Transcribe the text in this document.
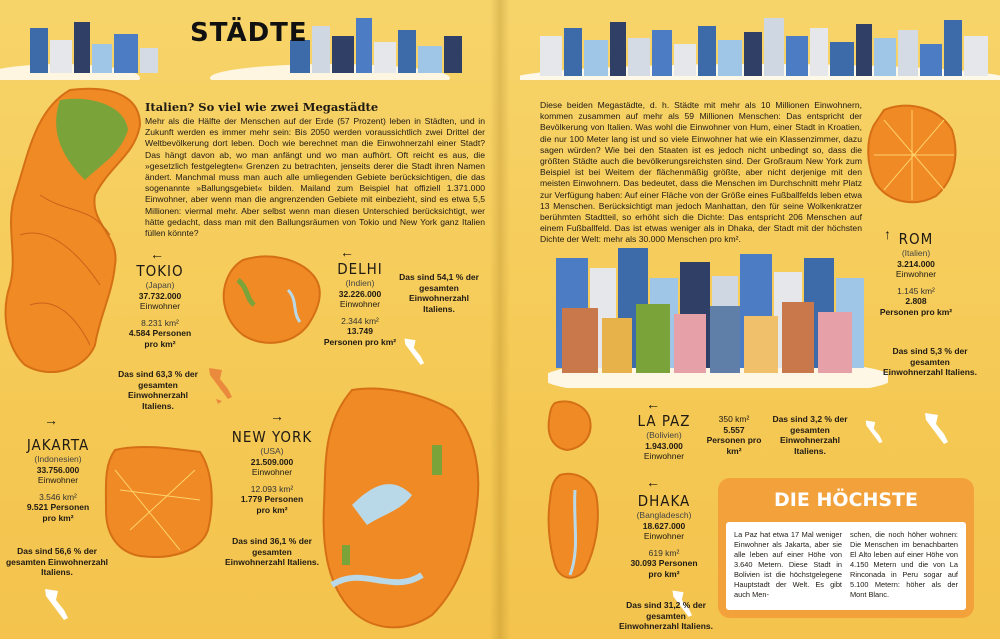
STÄDTE
Italien? So viel wie zwei Megastädte
Mehr als die Hälfte der Menschen auf der Erde (57 Prozent) leben in Städten, und in Zukunft werden es immer mehr sein: Bis 2050 werden voraussichtlich zwei Drittel der Weltbevölkerung dort leben. Doch wie berechnet man die Einwohnerzahl einer Stadt? Das hängt davon ab, wo man anfängt und wo man aufhört. Oft reicht es aus, die »gesetzlich festgelegten« Grenzen zu betrachten, jenseits derer die Stadt ihren Namen ändert. Manchmal muss man auch alle umliegenden Gebiete berücksichtigen, die das sogenannte »Ballungsgebiet« bilden. Mailand zum Beispiel hat offiziell 1.371.000 Einwohner, aber wenn man die angrenzenden Gebiete mit einbezieht, sind es etwa 5,5 Millionen: viermal mehr. Aber selbst wenn man diesen Unterschied berücksichtigt, wer hätte gedacht, dass man mit den Ballungsräumen von Tokio und New York ganz Italien füllen könnte?
Diese beiden Megastädte, d. h. Städte mit mehr als 10 Millionen Einwohnern, kommen zusammen auf mehr als 59 Millionen Menschen: Das entspricht der Bevölkerung von Italien. Was wohl die Einwohner von Hum, einer Stadt in Kroatien, die nur 100 Meter lang ist und so viele Einwohner hat wie ein Klassenzimmer, dazu sagen würden? Wie bei den Staaten ist es jedoch nicht unbedingt so, dass die größten Städte auch die bevölkerungsreichsten sind. Der Großraum New York zum Beispiel ist bei Weitem der flächenmäßig größte, aber nicht derjenige mit den meisten Einwohnern. Das bedeutet, dass die Menschen im Durchschnitt mehr Platz zur Verfügung haben: Auf einer Fläche von der Größe eines Fußballfelds leben etwa 13 Menschen. Berücksichtigt man jedoch Manhattan, den für seine Wolkenkratzer berühmten Stadtteil, so erhöht sich die Dichte: Das entspricht 206 Menschen auf einem Fußballfeld. Das ist etwas weniger als in Dhaka, der Stadt mit der höchsten Dichte der Welt: mehr als 30.000 Menschen pro km².
←
TOKIO
(Japan)
37.732.000
Einwohner
8.231 km²
4.584 Personen
pro km²
Das sind 63,3 % der gesamten Einwohnerzahl Italiens.
←
DELHI
(Indien)
32.226.000
Einwohner
2.344 km²
13.749
Personen pro km²
Das sind 54,1 % der gesamten Einwohnerzahl Italiens.
→
JAKARTA
(Indonesien)
33.756.000
Einwohner
3.546 km²
9.521 Personen
pro km²
Das sind 56,6 % der gesamten Einwohnerzahl Italiens.
→
NEW YORK
(USA)
21.509.000
Einwohner
12.093 km²
1.779 Personen
pro km²
Das sind 36,1 % der gesamten Einwohnerzahl Italiens.
↑ ROM
(Italien)
3.214.000
Einwohner
1.145 km²
2.808
Personen pro km²
Das sind 5,3 % der gesamten Einwohnerzahl Italiens.
←
LA PAZ
(Bolivien)
1.943.000
Einwohner
350 km²
5.557
Personen pro km²
Das sind 3,2 % der gesamten Einwohnerzahl Italiens.
←
DHAKA
(Bangladesch)
18.627.000
Einwohner
619 km²
30.093 Personen
pro km²
Das sind 31,2 % der gesamten Einwohnerzahl Italiens.
DIE HÖCHSTE
La Paz hat etwa 17 Mal weniger Einwohner als Jakarta, aber sie alle leben auf einer Höhe von 3.640 Metern. Diese Stadt in Bolivien ist die höchstgelegene Hauptstadt der Welt. Es gibt auch Men-
schen, die noch höher wohnen: Die Menschen im benachbarten El Alto leben auf einer Höhe von 4.150 Metern und die von La Rinconada in Peru sogar auf 5.100 Metern: höher als der Mont Blanc.
